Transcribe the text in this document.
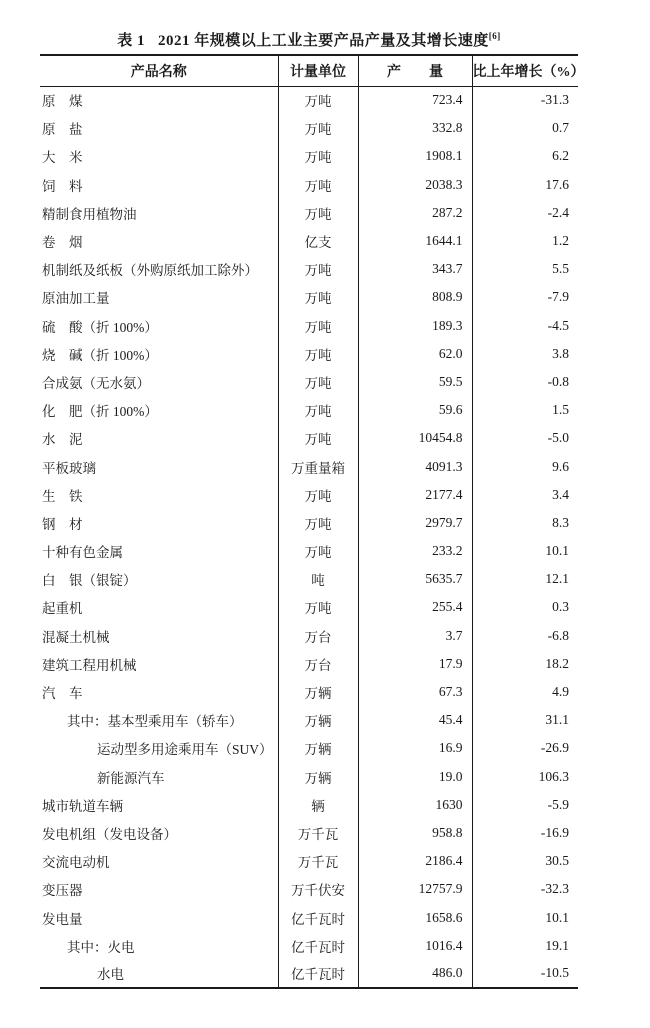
表 1 2021 年规模以上工业主要产品产量及其增长速度[6]
产品名称	计量单位	产　　量	比上年增长（%）
原　煤	万吨	723.4	-31.3
原　盐	万吨	332.8	0.7
大　米	万吨	1908.1	6.2
饲　料	万吨	2038.3	17.6
精制食用植物油	万吨	287.2	-2.4
卷　烟	亿支	1644.1	1.2
机制纸及纸板（外购原纸加工除外）	万吨	343.7	5.5
原油加工量	万吨	808.9	-7.9
硫　酸（折 100%）	万吨	189.3	-4.5
烧　碱（折 100%）	万吨	62.0	3.8
合成氨（无水氨）	万吨	59.5	-0.8
化　肥（折 100%）	万吨	59.6	1.5
水　泥	万吨	10454.8	-5.0
平板玻璃	万重量箱	4091.3	9.6
生　铁	万吨	2177.4	3.4
钢　材	万吨	2979.7	8.3
十种有色金属	万吨	233.2	10.1
白　银（银锭）	吨	5635.7	12.1
起重机	万吨	255.4	0.3
混凝土机械	万台	3.7	-6.8
建筑工程用机械	万台	17.9	18.2
汽　车	万辆	67.3	4.9
其中：基本型乘用车（轿车）	万辆	45.4	31.1
运动型多用途乘用车（SUV）	万辆	16.9	-26.9
新能源汽车	万辆	19.0	106.3
城市轨道车辆	辆	1630	-5.9
发电机组（发电设备）	万千瓦	958.8	-16.9
交流电动机	万千瓦	2186.4	30.5
变压器	万千伏安	12757.9	-32.3
发电量	亿千瓦时	1658.6	10.1
其中：火电	亿千瓦时	1016.4	19.1
水电	亿千瓦时	486.0	-10.5
